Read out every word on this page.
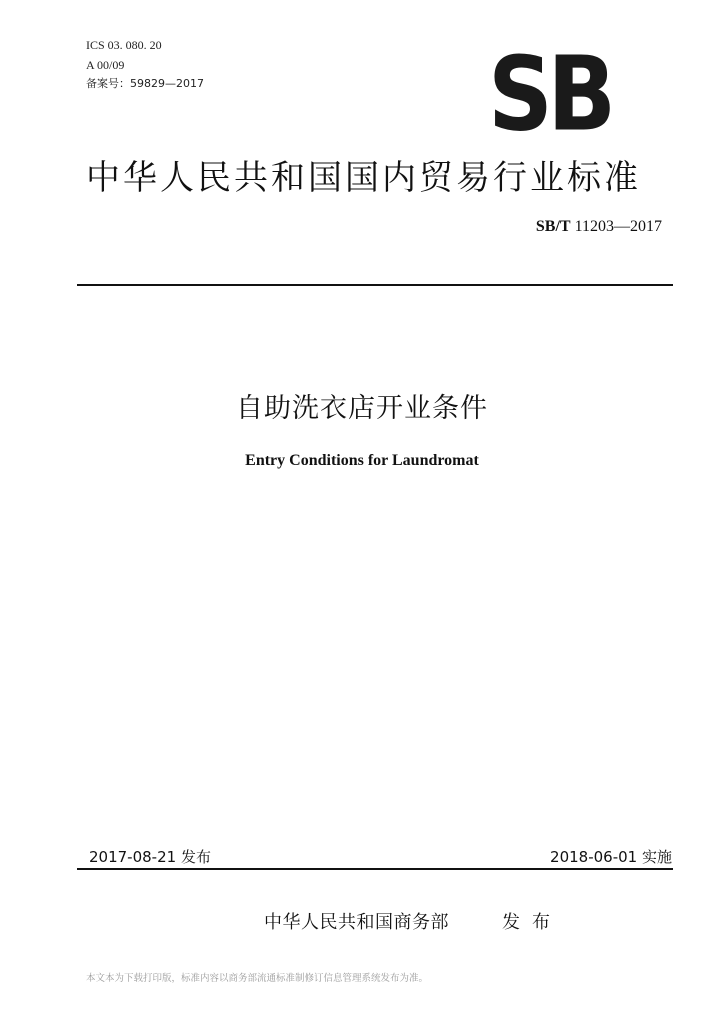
ICS 03. 080. 20
A 00/09
备案号：59829—2017	SB
中华人民共和国国内贸易行业标准
SB/T 11203—2017
自助洗衣店开业条件
Entry Conditions for Laundromat
2017-08-21 发布	2018-06-01 实施
中华人民共和国商务部	发布
本文本为下载打印版，标准内容以商务部流通标准制修订信息管理系统发布为准。
